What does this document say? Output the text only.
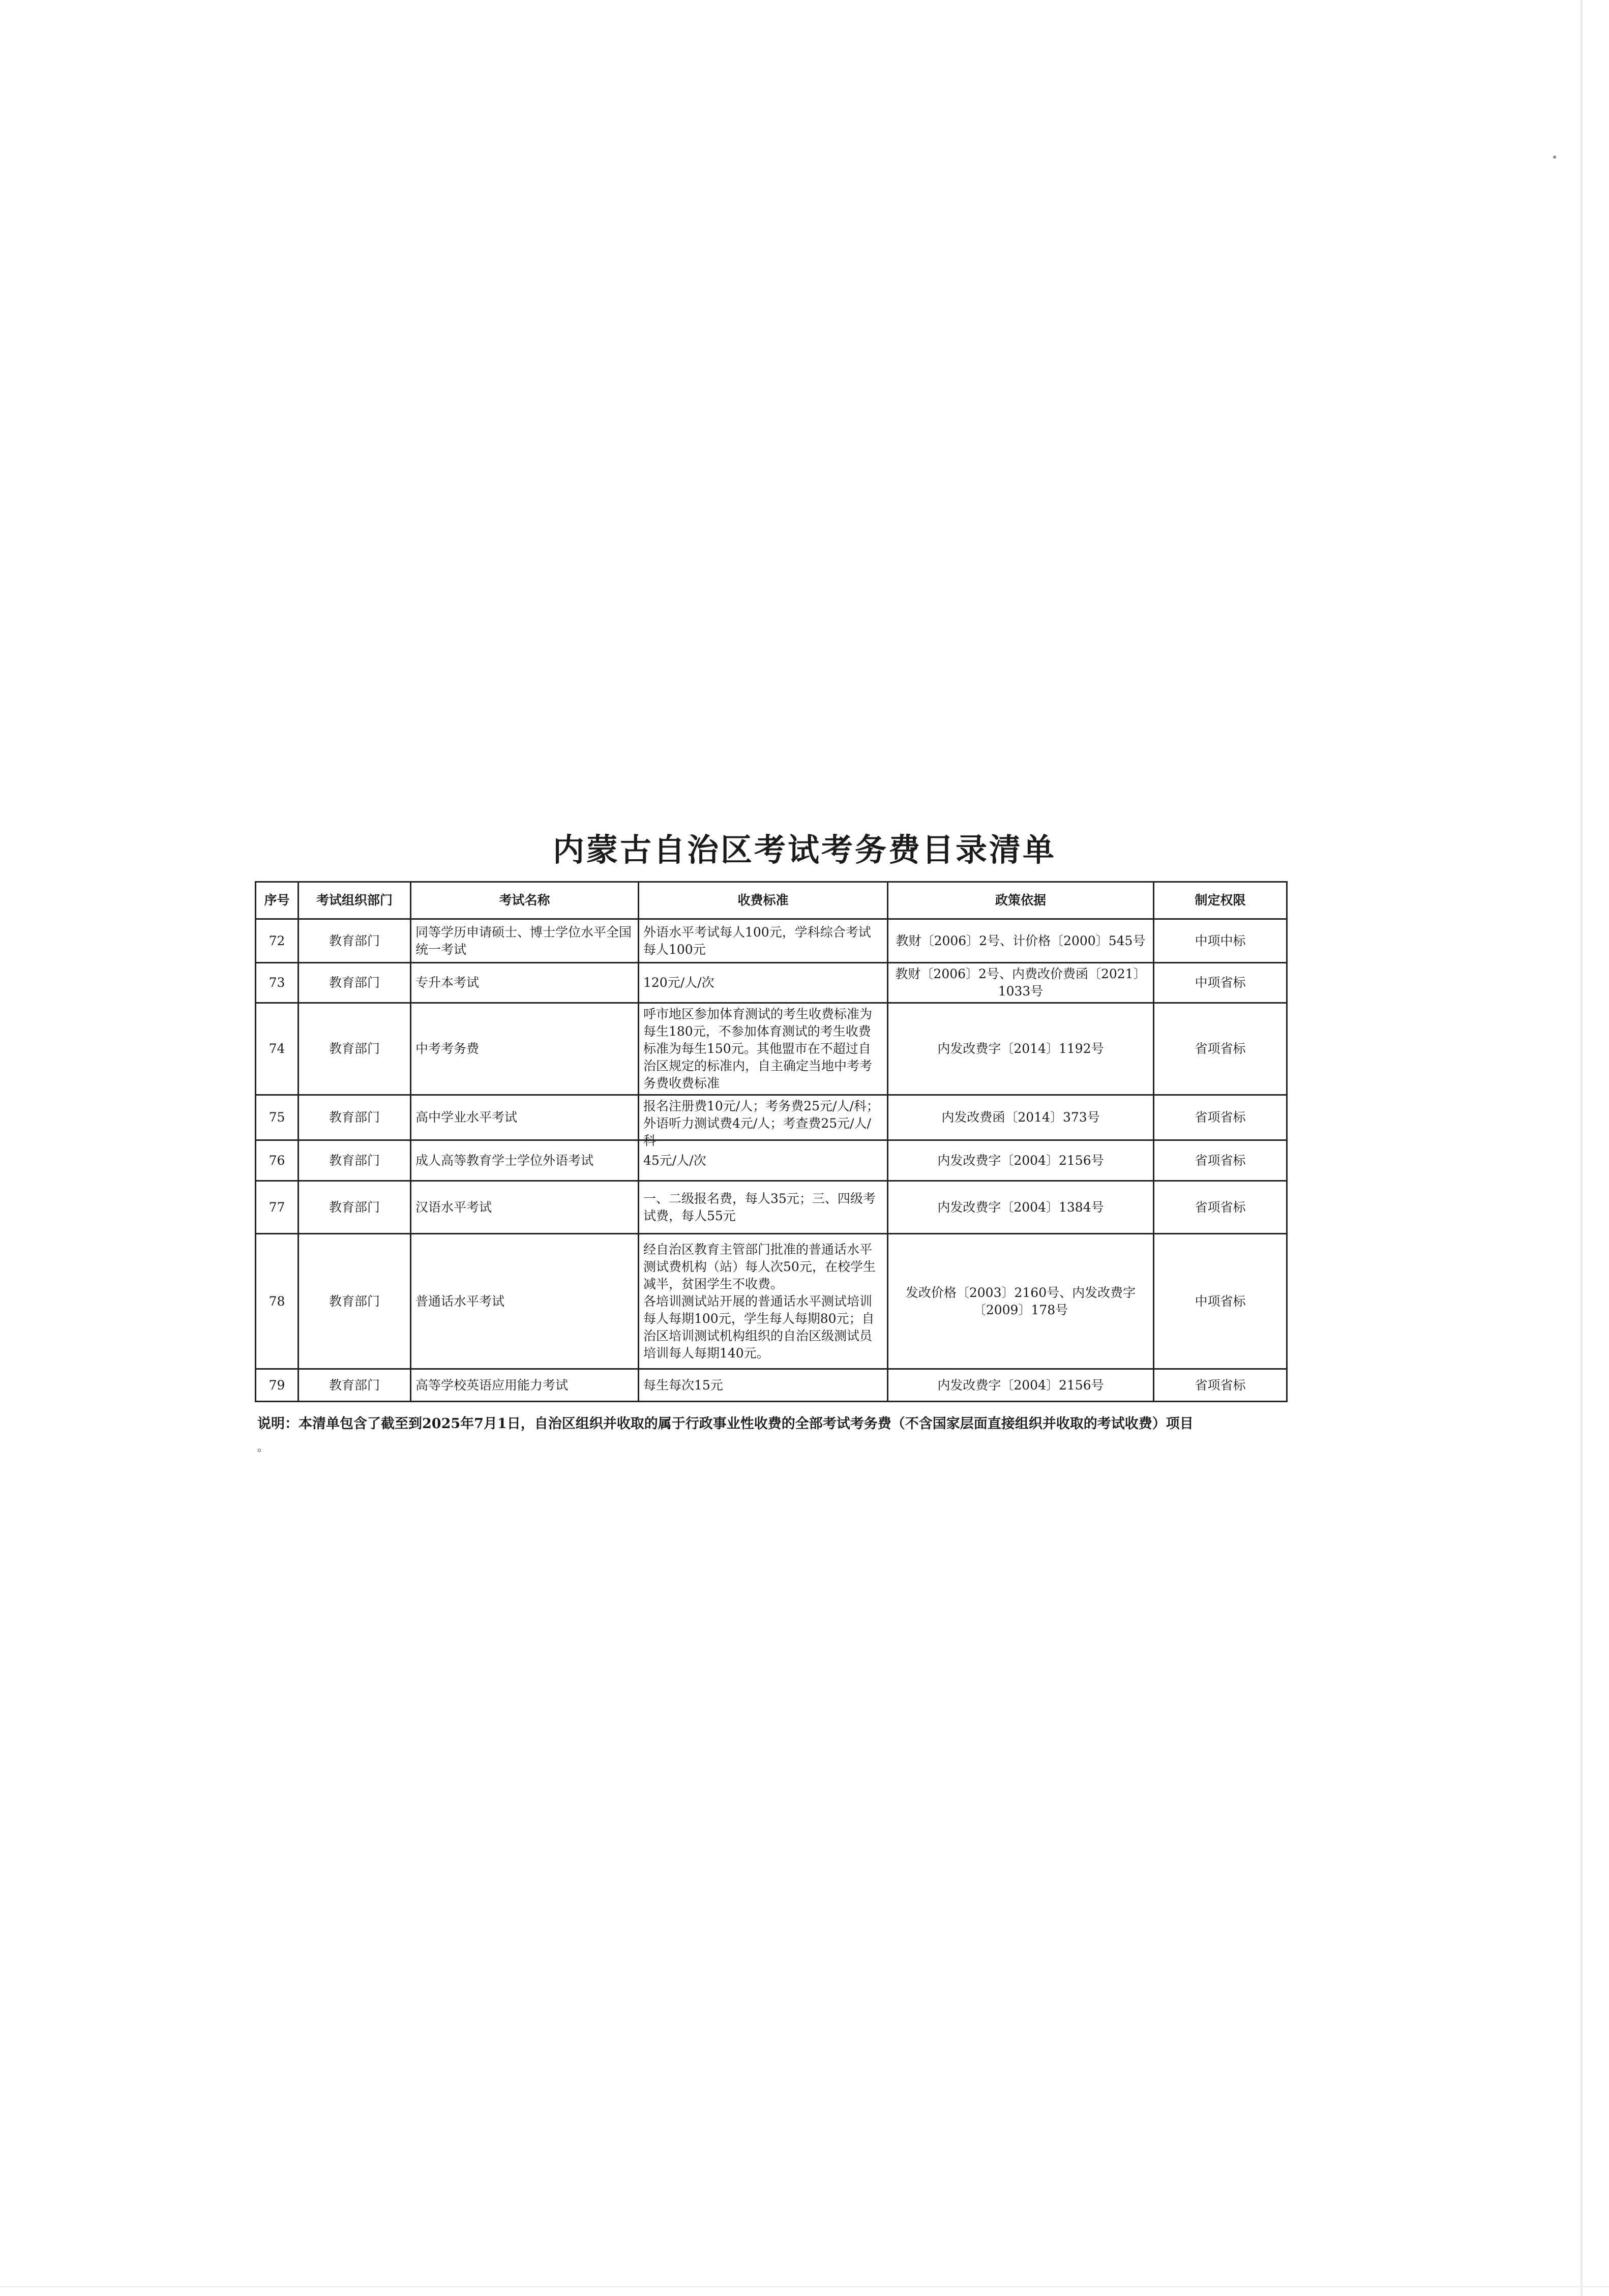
内蒙古自治区考试考务费目录清单
序号	考试组织部门	考试名称	收费标准	政策依据	制定权限
72	教育部门	同等学历申请硕士、博士学位水平全国统一考试	外语水平考试每人100元，学科综合考试每人100元	教财〔2006〕2号、计价格〔2000〕545号	中项中标
73	教育部门	专升本考试	120元/人/次	教财〔2006〕2号、内费改价费函〔2021〕1033号	中项省标
74	教育部门	中考考务费	呼市地区参加体育测试的考生收费标准为每生180元，不参加体育测试的考生收费标准为每生150元。其他盟市在不超过自治区规定的标准内，自主确定当地中考考务费收费标准	内发改费字〔2014〕1192号	省项省标
75	教育部门	高中学业水平考试	报名注册费10元/人；考务费25元/人/科；外语听力测试费4元/人；考查费25元/人/科	内发改费函〔2014〕373号	省项省标
76	教育部门	成人高等教育学士学位外语考试	45元/人/次	内发改费字〔2004〕2156号	省项省标
77	教育部门	汉语水平考试	一、二级报名费，每人35元；三、四级考试费，每人55元	内发改费字〔2004〕1384号	省项省标
78	教育部门	普通话水平考试	经自治区教育主管部门批准的普通话水平测试费机构（站）每人次50元，在校学生减半，贫困学生不收费。
各培训测试站开展的普通话水平测试培训每人每期100元，学生每人每期80元；自治区培训测试机构组织的自治区级测试员培训每人每期140元。	发改价格〔2003〕2160号、内发改费字〔2009〕178号	中项省标
79	教育部门	高等学校英语应用能力考试	每生每次15元	内发改费字〔2004〕2156号	省项省标

说明：本清单包含了截至到2025年7月1日，自治区组织并收取的属于行政事业性收费的全部考试考务费（不含国家层面直接组织并收取的考试收费）项目

。
